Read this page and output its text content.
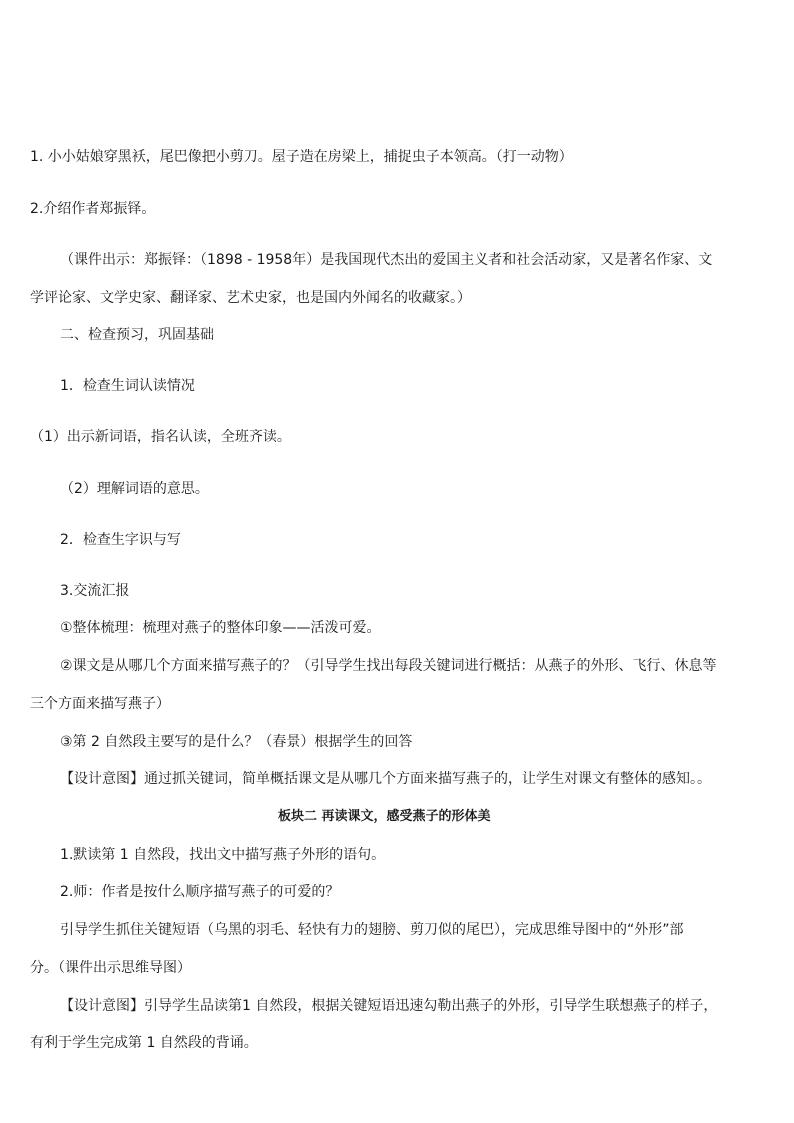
1. 小小姑娘穿黑袄，尾巴像把小剪刀。屋子造在房梁上，捕捉虫子本领高。（打一动物）
2.介绍作者郑振铎。
（课件出示：郑振铎：（1898 - 1958年）是我国现代杰出的爱国主义者和社会活动家，又是著名作家、文
学评论家、文学史家、翻译家、艺术史家，也是国内外闻名的收藏家。）
二、检查预习，巩固基础
1．检查生词认读情况
（1）出示新词语，指名认读，全班齐读。
（2）理解词语的意思。
2．检查生字识与写
3.交流汇报
①整体梳理：梳理对燕子的整体印象——活泼可爱。
②课文是从哪几个方面来描写燕子的？（引导学生找出每段关键词进行概括：从燕子的外形、飞行、休息等
三个方面来描写燕子）
③第 2 自然段主要写的是什么？（春景）根据学生的回答
【设计意图】通过抓关键词，简单概括课文是从哪几个方面来描写燕子的，让学生对课文有整体的感知。。
板块二 再读课文，感受燕子的形体美
1.默读第 1 自然段，找出文中描写燕子外形的语句。
2.师：作者是按什么顺序描写燕子的可爱的？
引导学生抓住关键短语（乌黑的羽毛、轻快有力的翅膀、剪刀似的尾巴），完成思维导图中的“外形”部
分。（课件出示思维导图）
【设计意图】引导学生品读第1 自然段，根据关键短语迅速勾勒出燕子的外形，引导学生联想燕子的样子，
有利于学生完成第 1 自然段的背诵。
